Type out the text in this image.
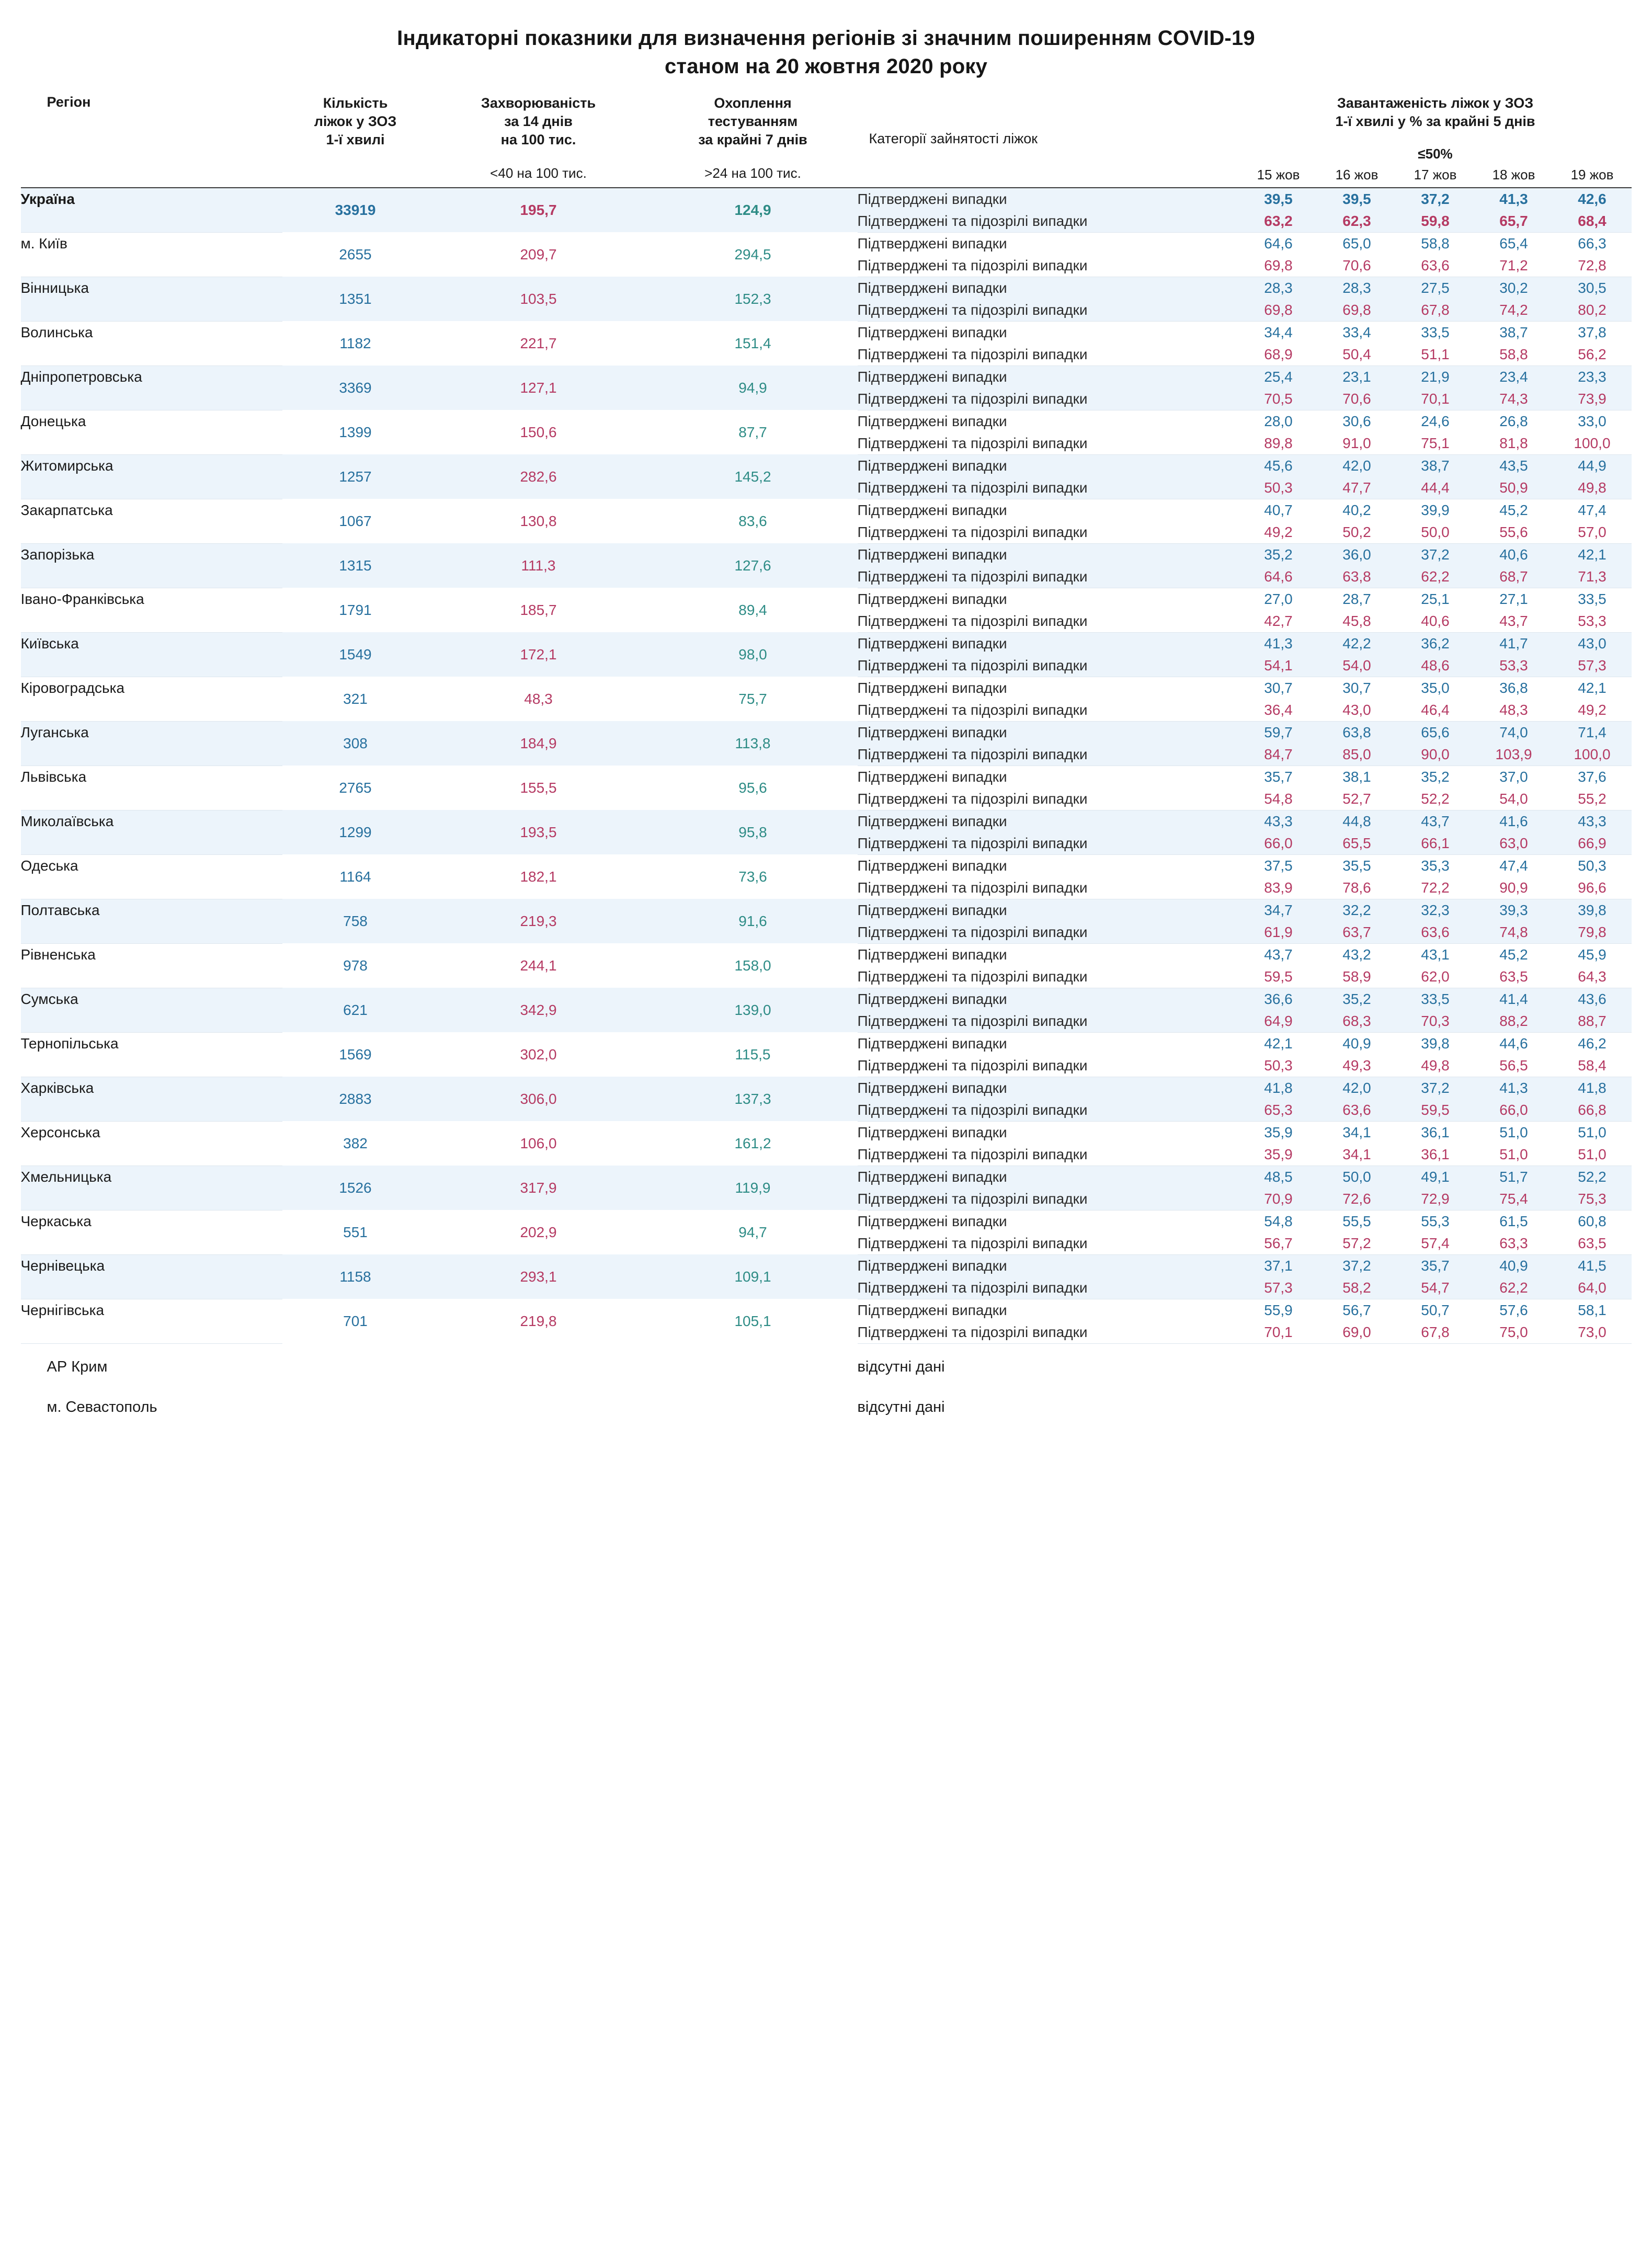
Індикаторні показники для визначення регіонів зі значним поширенням COVID-19
станом на 20 жовтня 2020 року
Регіон	Кількість
ліжок у ЗОЗ
1-ї хвилі

Захворюваність
за 14 днів
на 100 тис.
<40 на 100 тис.

Охоплення
тестуванням
за крайні 7 днів
>24 на 100 тис.
	Категорії зайнятості ліжок	
Завантаженість ліжок у ЗОЗ
1-ї хвилі у % за крайні 5 днів
≤50%
15 жов	16 жов	17 жов	18 жов	19 жов
Україна	33919	195,7	124,9	Підтверджені випадки	39,5	39,5	37,2	41,3	42,6
				Підтверджені та підозрілі випадки	63,2	62,3	59,8	65,7	68,4
м. Київ	2655	209,7	294,5	Підтверджені випадки	64,6	65,0	58,8	65,4	66,3
				Підтверджені та підозрілі випадки	69,8	70,6	63,6	71,2	72,8
Вінницька	1351	103,5	152,3	Підтверджені випадки	28,3	28,3	27,5	30,2	30,5
				Підтверджені та підозрілі випадки	69,8	69,8	67,8	74,2	80,2
Волинська	1182	221,7	151,4	Підтверджені випадки	34,4	33,4	33,5	38,7	37,8
				Підтверджені та підозрілі випадки	68,9	50,4	51,1	58,8	56,2
Дніпропетровська	3369	127,1	94,9	Підтверджені випадки	25,4	23,1	21,9	23,4	23,3
				Підтверджені та підозрілі випадки	70,5	70,6	70,1	74,3	73,9
Донецька	1399	150,6	87,7	Підтверджені випадки	28,0	30,6	24,6	26,8	33,0
				Підтверджені та підозрілі випадки	89,8	91,0	75,1	81,8	100,0
Житомирська	1257	282,6	145,2	Підтверджені випадки	45,6	42,0	38,7	43,5	44,9
				Підтверджені та підозрілі випадки	50,3	47,7	44,4	50,9	49,8
Закарпатська	1067	130,8	83,6	Підтверджені випадки	40,7	40,2	39,9	45,2	47,4
				Підтверджені та підозрілі випадки	49,2	50,2	50,0	55,6	57,0
Запорізька	1315	111,3	127,6	Підтверджені випадки	35,2	36,0	37,2	40,6	42,1
				Підтверджені та підозрілі випадки	64,6	63,8	62,2	68,7	71,3
Івано-Франківська	1791	185,7	89,4	Підтверджені випадки	27,0	28,7	25,1	27,1	33,5
				Підтверджені та підозрілі випадки	42,7	45,8	40,6	43,7	53,3
Київська	1549	172,1	98,0	Підтверджені випадки	41,3	42,2	36,2	41,7	43,0
				Підтверджені та підозрілі випадки	54,1	54,0	48,6	53,3	57,3
Кіровоградська	321	48,3	75,7	Підтверджені випадки	30,7	30,7	35,0	36,8	42,1
				Підтверджені та підозрілі випадки	36,4	43,0	46,4	48,3	49,2
Луганська	308	184,9	113,8	Підтверджені випадки	59,7	63,8	65,6	74,0	71,4
				Підтверджені та підозрілі випадки	84,7	85,0	90,0	103,9	100,0
Львівська	2765	155,5	95,6	Підтверджені випадки	35,7	38,1	35,2	37,0	37,6
				Підтверджені та підозрілі випадки	54,8	52,7	52,2	54,0	55,2
Миколаївська	1299	193,5	95,8	Підтверджені випадки	43,3	44,8	43,7	41,6	43,3
				Підтверджені та підозрілі випадки	66,0	65,5	66,1	63,0	66,9
Одеська	1164	182,1	73,6	Підтверджені випадки	37,5	35,5	35,3	47,4	50,3
				Підтверджені та підозрілі випадки	83,9	78,6	72,2	90,9	96,6
Полтавська	758	219,3	91,6	Підтверджені випадки	34,7	32,2	32,3	39,3	39,8
				Підтверджені та підозрілі випадки	61,9	63,7	63,6	74,8	79,8
Рівненська	978	244,1	158,0	Підтверджені випадки	43,7	43,2	43,1	45,2	45,9
				Підтверджені та підозрілі випадки	59,5	58,9	62,0	63,5	64,3
Сумська	621	342,9	139,0	Підтверджені випадки	36,6	35,2	33,5	41,4	43,6
				Підтверджені та підозрілі випадки	64,9	68,3	70,3	88,2	88,7
Тернопільська	1569	302,0	115,5	Підтверджені випадки	42,1	40,9	39,8	44,6	46,2
				Підтверджені та підозрілі випадки	50,3	49,3	49,8	56,5	58,4
Харківська	2883	306,0	137,3	Підтверджені випадки	41,8	42,0	37,2	41,3	41,8
				Підтверджені та підозрілі випадки	65,3	63,6	59,5	66,0	66,8
Херсонська	382	106,0	161,2	Підтверджені випадки	35,9	34,1	36,1	51,0	51,0
				Підтверджені та підозрілі випадки	35,9	34,1	36,1	51,0	51,0
Хмельницька	1526	317,9	119,9	Підтверджені випадки	48,5	50,0	49,1	51,7	52,2
				Підтверджені та підозрілі випадки	70,9	72,6	72,9	75,4	75,3
Черкаська	551	202,9	94,7	Підтверджені випадки	54,8	55,5	55,3	61,5	60,8
				Підтверджені та підозрілі випадки	56,7	57,2	57,4	63,3	63,5
Чернівецька	1158	293,1	109,1	Підтверджені випадки	37,1	37,2	35,7	40,9	41,5
				Підтверджені та підозрілі випадки	57,3	58,2	54,7	62,2	64,0
Чернігівська	701	219,8	105,1	Підтверджені випадки	55,9	56,7	50,7	57,6	58,1
				Підтверджені та підозрілі випадки	70,1	69,0	67,8	75,0	73,0
АР Крим	відсутні дані
м. Севастополь	відсутні дані
